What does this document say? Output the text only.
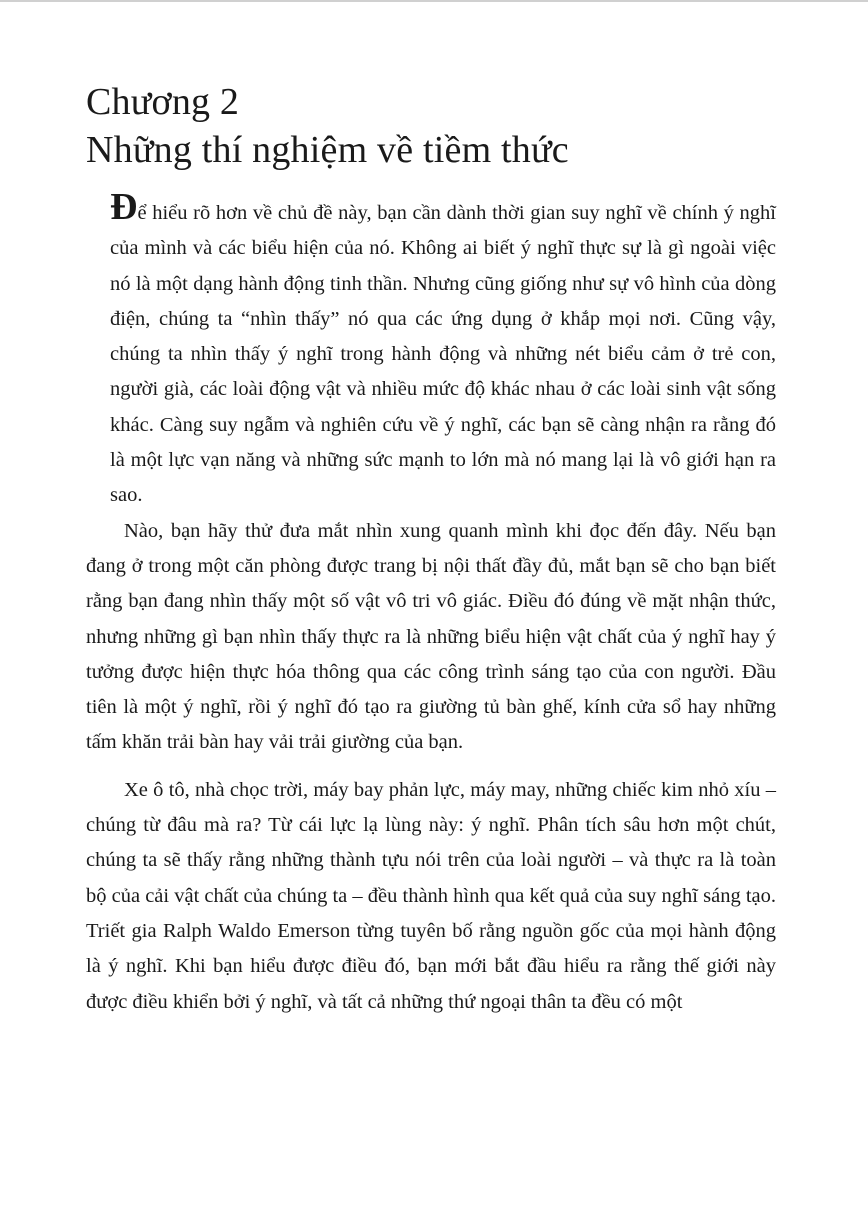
Chương 2
Những thí nghiệm về tiềm thức

Để hiểu rõ hơn về chủ đề này, bạn cần dành thời gian suy nghĩ về chính ý nghĩ của mình và các biểu hiện của nó. Không ai biết ý nghĩ thực sự là gì ngoài việc nó là một dạng hành động tinh thần. Nhưng cũng giống như sự vô hình của dòng điện, chúng ta “nhìn thấy” nó qua các ứng dụng ở khắp mọi nơi. Cũng vậy, chúng ta nhìn thấy ý nghĩ trong hành động và những nét biểu cảm ở trẻ con, người già, các loài động vật và nhiều mức độ khác nhau ở các loài sinh vật sống khác. Càng suy ngẫm và nghiên cứu về ý nghĩ, các bạn sẽ càng nhận ra rằng đó là một lực vạn năng và những sức mạnh to lớn mà nó mang lại là vô giới hạn ra sao.

Nào, bạn hãy thử đưa mắt nhìn xung quanh mình khi đọc đến đây. Nếu bạn đang ở trong một căn phòng được trang bị nội thất đầy đủ, mắt bạn sẽ cho bạn biết rằng bạn đang nhìn thấy một số vật vô tri vô giác. Điều đó đúng về mặt nhận thức, nhưng những gì bạn nhìn thấy thực ra là những biểu hiện vật chất của ý nghĩ hay ý tưởng được hiện thực hóa thông qua các công trình sáng tạo của con người. Đầu tiên là một ý nghĩ, rồi ý nghĩ đó tạo ra giường tủ bàn ghế, kính cửa sổ hay những tấm khăn trải bàn hay vải trải giường của bạn.

Xe ô tô, nhà chọc trời, máy bay phản lực, máy may, những chiếc kim nhỏ xíu – chúng từ đâu mà ra? Từ cái lực lạ lùng này: ý nghĩ. Phân tích sâu hơn một chút, chúng ta sẽ thấy rằng những thành tựu nói trên của loài người – và thực ra là toàn bộ của cải vật chất của chúng ta – đều thành hình qua kết quả của suy nghĩ sáng tạo. Triết gia Ralph Waldo Emerson từng tuyên bố rằng nguồn gốc của mọi hành động là ý nghĩ. Khi bạn hiểu được điều đó, bạn mới bắt đầu hiểu ra rằng thế giới này được điều khiển bởi ý nghĩ, và tất cả những thứ ngoại thân ta đều có một
